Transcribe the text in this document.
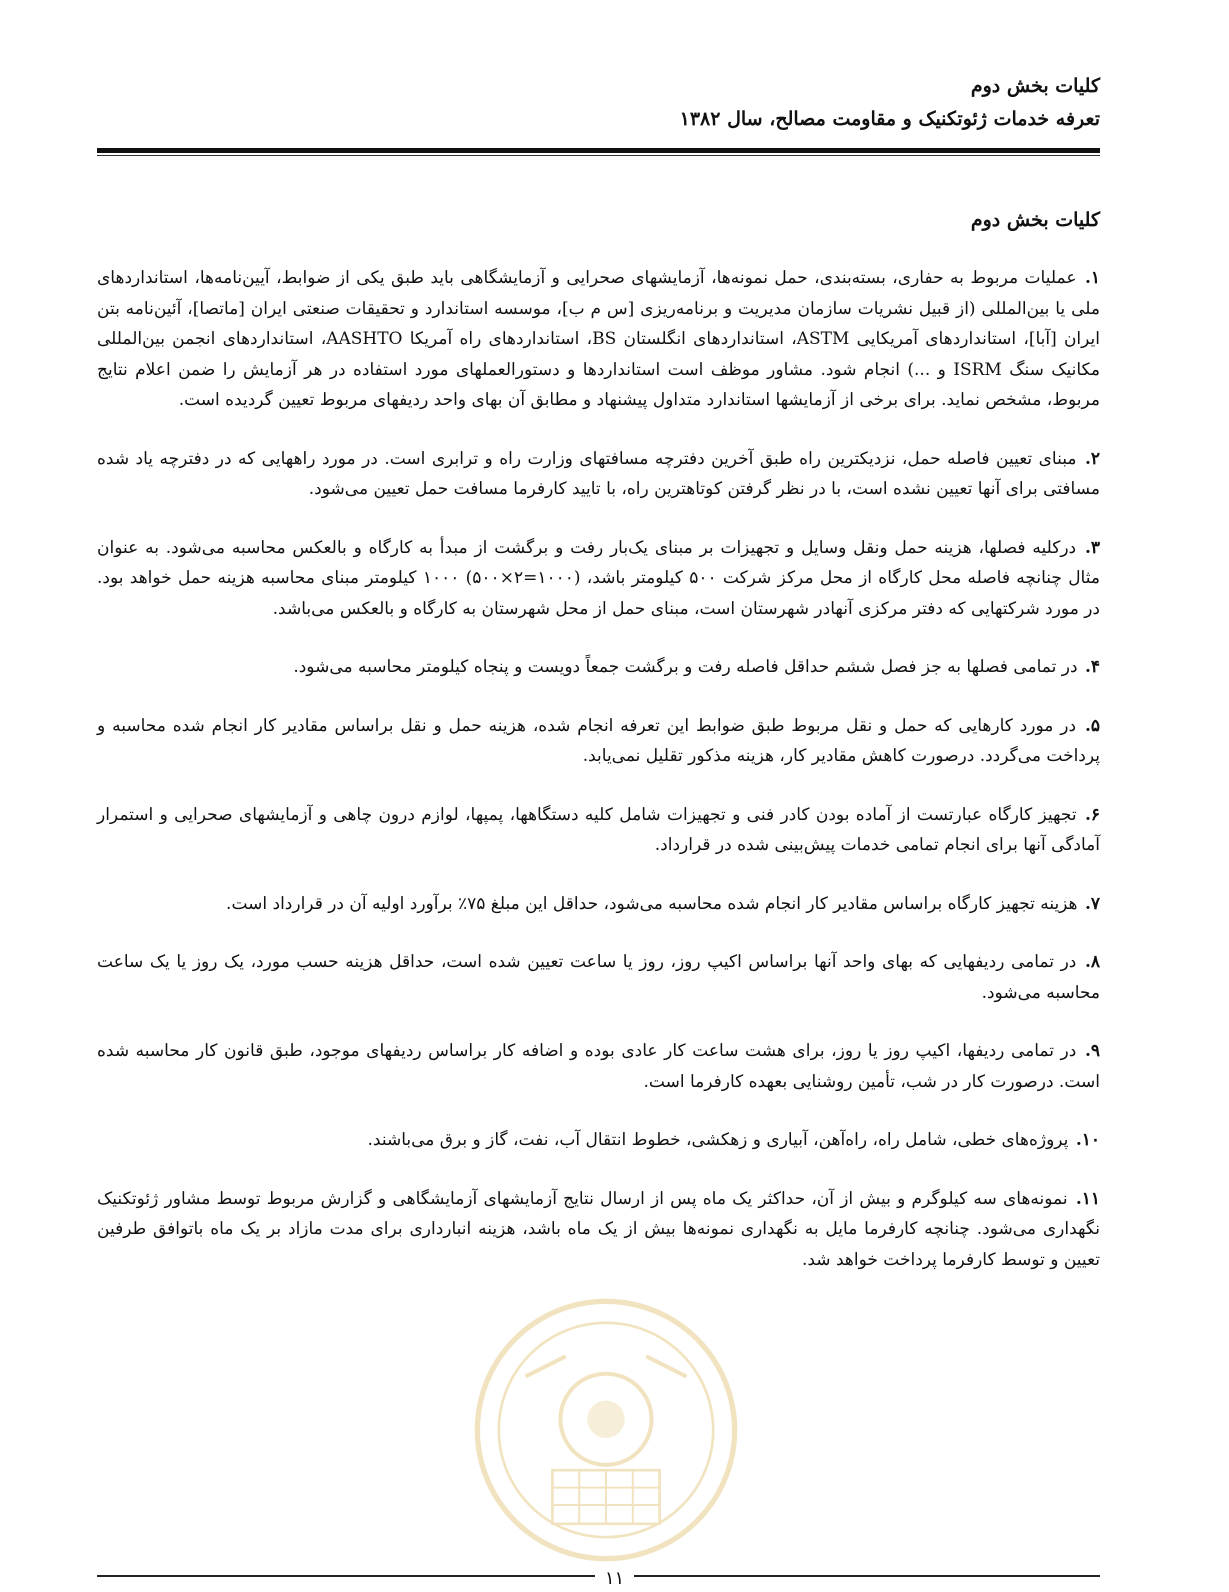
کلیات بخش دوم
تعرفه خدمات ژئوتکنیک و مقاومت مصالح، سال ۱۳۸۲
کلیات بخش دوم

۱. عملیات مربوط به حفاری، بسته‌بندی، حمل نمونه‌ها، آزمایشهای صحرایی و آزمایشگاهی باید طبق یکی از ضوابط، آیین‌نامه‌ها، استانداردهای ملی یا بین‌المللی (از قبیل نشریات سازمان مدیریت و برنامه‌ریزی [س م ب]، موسسه استاندارد و تحقیقات صنعتی ایران [ماتصا]، آئین‌نامه بتن ایران [آبا]، استانداردهای آمریکایی ASTM، استانداردهای انگلستان BS، استانداردهای راه آمریکا AASHTO، استانداردهای انجمن بین‌المللی مکانیک سنگ ISRM و ...) انجام شود. مشاور موظف است استانداردها و دستورالعملهای مورد استفاده در هر آزمایش را ضمن اعلام نتایج مربوط، مشخص نماید. برای برخی از آزمایشها استاندارد متداول پیشنهاد و مطابق آن بهای واحد ردیفهای مربوط تعیین گردیده است.

۲. مبنای تعیین فاصله حمل، نزدیکترین راه طبق آخرین دفترچه مسافتهای وزارت راه و ترابری است. در مورد راههایی که در دفترچه یاد شده مسافتی برای آنها تعیین نشده است، با در نظر گرفتن کوتاهترین راه، با تایید کارفرما مسافت حمل تعیین می‌شود.

۳. درکلیه فصلها، هزینه حمل ونقل وسایل و تجهیزات بر مبنای یک‌بار رفت و برگشت از مبدأ به کارگاه و بالعکس محاسبه می‌شود. به عنوان مثال چنانچه فاصله محل کارگاه از محل مرکز شرکت ۵۰۰ کیلومتر باشد، (۱۰۰۰=۲×۵۰۰) ۱۰۰۰ کیلومتر مبنای محاسبه هزینه حمل خواهد بود. در مورد شرکتهایی که دفتر مرکزی آنهادر شهرستان است، مبنای حمل از محل شهرستان به کارگاه و بالعکس می‌باشد.

۴. در تمامی فصلها به جز فصل ششم حداقل فاصله رفت و برگشت جمعاً دویست و پنجاه کیلومتر محاسبه می‌شود.

۵. در مورد کارهایی که حمل و نقل مربوط طبق ضوابط این تعرفه انجام شده، هزینه حمل و نقل براساس مقادیر کار انجام شده محاسبه و پرداخت می‌گردد. درصورت کاهش مقادیر کار، هزینه مذکور تقلیل نمی‌یابد.

۶. تجهیز کارگاه عبارتست از آماده بودن کادر فنی و تجهیزات شامل کلیه دستگاهها، پمپها، لوازم درون چاهی و آزمایشهای صحرایی و استمرار آمادگی آنها برای انجام تمامی خدمات پیش‌بینی شده در قرارداد.

۷. هزینه تجهیز کارگاه براساس مقادیر کار انجام شده محاسبه می‌شود، حداقل این مبلغ ۷۵٪ برآورد اولیه آن در قرارداد است.

۸. در تمامی ردیفهایی که بهای واحد آنها براساس اکیپ روز، روز یا ساعت تعیین شده است، حداقل هزینه حسب مورد، یک روز یا یک ساعت محاسبه می‌شود.

۹. در تمامی ردیفها، اکیپ روز یا روز، برای هشت ساعت کار عادی بوده و اضافه کار براساس ردیفهای موجود، طبق قانون کار محاسبه شده است. درصورت کار در شب، تأمین روشنایی بعهده کارفرما است.

۱۰. پروژه‌های خطی، شامل راه، راه‌آهن، آبیاری و زهکشی، خطوط انتقال آب، نفت، گاز و برق می‌باشند.

۱۱. نمونه‌های سه کیلوگرم و بیش از آن، حداکثر یک ماه پس از ارسال نتایج آزمایشهای آزمایشگاهی و گزارش مربوط توسط مشاور ژئوتکنیک نگهداری می‌شود. چنانچه کارفرما مایل به نگهداری نمونه‌ها بیش از یک ماه باشد، هزینه انبارداری برای مدت مازاد بر یک ماه باتوافق طرفین تعیین و توسط کارفرما پرداخت خواهد شد.

۱۱
